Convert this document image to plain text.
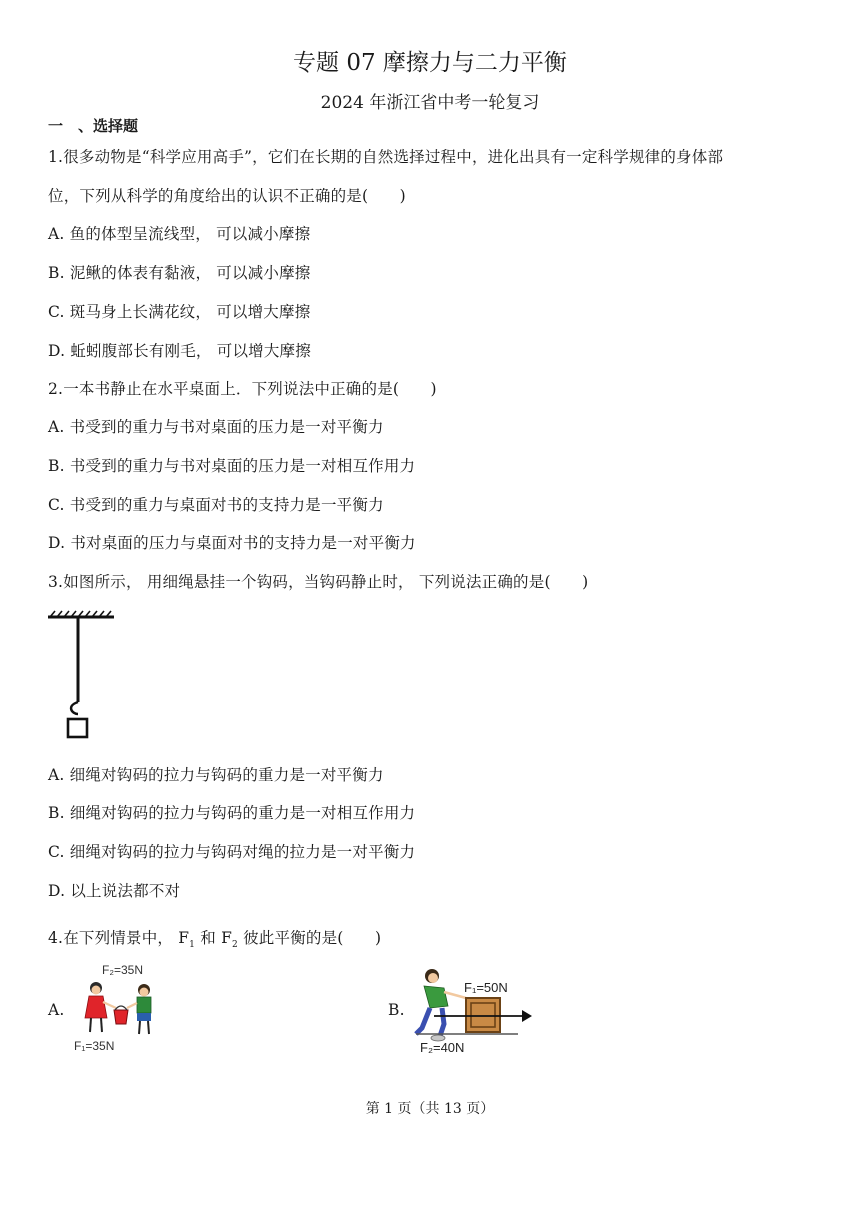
专题 07 摩擦力与二力平衡
2024 年浙江省中考一轮复习
一　、选择题
1.很多动物是“科学应用高手”，它们在长期的自然选择过程中，进化出具有一定科学规律的身体部
位，下列从科学的角度给出的认识不正确的是(　　)
A. 鱼的体型呈流线型， 可以减小摩擦
B. 泥鳅的体表有黏液， 可以减小摩擦
C. 斑马身上长满花纹， 可以增大摩擦
D. 蚯蚓腹部长有刚毛， 可以增大摩擦
2.一本书静止在水平桌面上．下列说法中正确的是(　　)
A. 书受到的重力与书对桌面的压力是一对平衡力
B. 书受到的重力与书对桌面的压力是一对相互作用力
C. 书受到的重力与桌面对书的支持力是一平衡力
D. 书对桌面的压力与桌面对书的支持力是一对平衡力
3.如图所示， 用细绳悬挂一个钩码，当钩码静止时， 下列说法正确的是(　　)
A. 细绳对钩码的拉力与钩码的重力是一对平衡力
B. 细绳对钩码的拉力与钩码的重力是一对相互作用力
C. 细绳对钩码的拉力与钩码对绳的拉力是一对平衡力
D. 以上说法都不对
4.在下列情景中， $F_1$ 和 $F_2$ 彼此平衡的是(　　)
A.
F₂=35N
F₁=35N
B.
F₁=50N
F₂=40N
第 1 页（共 13 页）
